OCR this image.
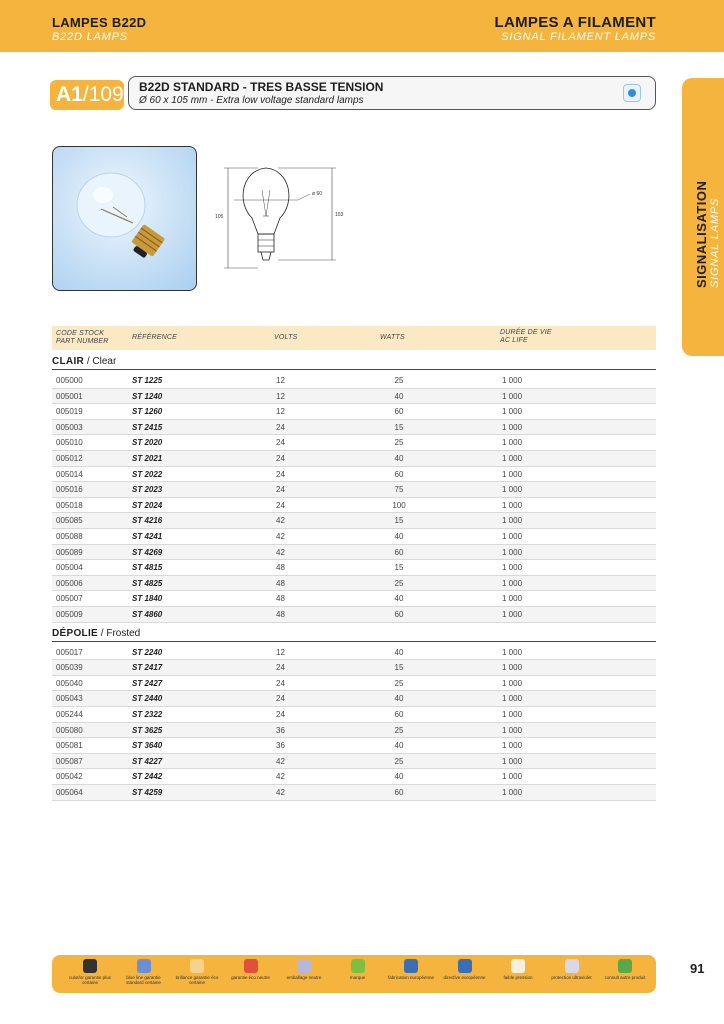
LAMPES B22D
B22D LAMPS
LAMPES A FILAMENT
SIGNAL FILAMENT LAMPS
SIGNALISATION SIGNAL LAMPS
A1/109 B22D STANDARD - TRES BASSE TENSION
Ø 60 x 105 mm - Extra low voltage standard lamps
ø 60
105	103
CODE STOCK
PART NUMBER
RÉFÉRENCE	VOLTS	WATTS
DURÉE DE VIE
AC LIFE
CLAIR / Clear
005000	ST 1225	12	25	1 000
005001	ST 1240	12	40	1 000
005019	ST 1260	12	60	1 000
005003	ST 2415	24	15	1 000
005010	ST 2020	24	25	1 000
005012	ST 2021	24	40	1 000
005014	ST 2022	24	60	1 000
005016	ST 2023	24	75	1 000
005018	ST 2024	24	100	1 000
005085	ST 4216	42	15	1 000
005088	ST 4241	42	40	1 000
005089	ST 4269	42	60	1 000
005004	ST 4815	48	15	1 000
005006	ST 4825	48	25	1 000
005007	ST 1840	48	40	1 000
005009	ST 4860	48	60	1 000
DÉPOLIE / Frosted
005017	ST 2240	12	40	1 000
005039	ST 2417	24	15	1 000
005040	ST 2427	24	25	1 000
005043	ST 2440	24	40	1 000
005244	ST 2322	24	60	1 000
005080	ST 3625	36	25	1 000
005081	ST 3640	36	40	1 000
005087	ST 4227	42	25	1 000
005042	ST 2442	42	40	1 000
005064	ST 4259	42	60	1 000
culot/or garantie plus certaine
blue line garantie standard certaine
brillance garantie éco certaine
garantie éco neutre	emballage neutre	marque	fabrication européenne	directive européenne	faible pression	protection ultraviolet	consult autre produit
91
